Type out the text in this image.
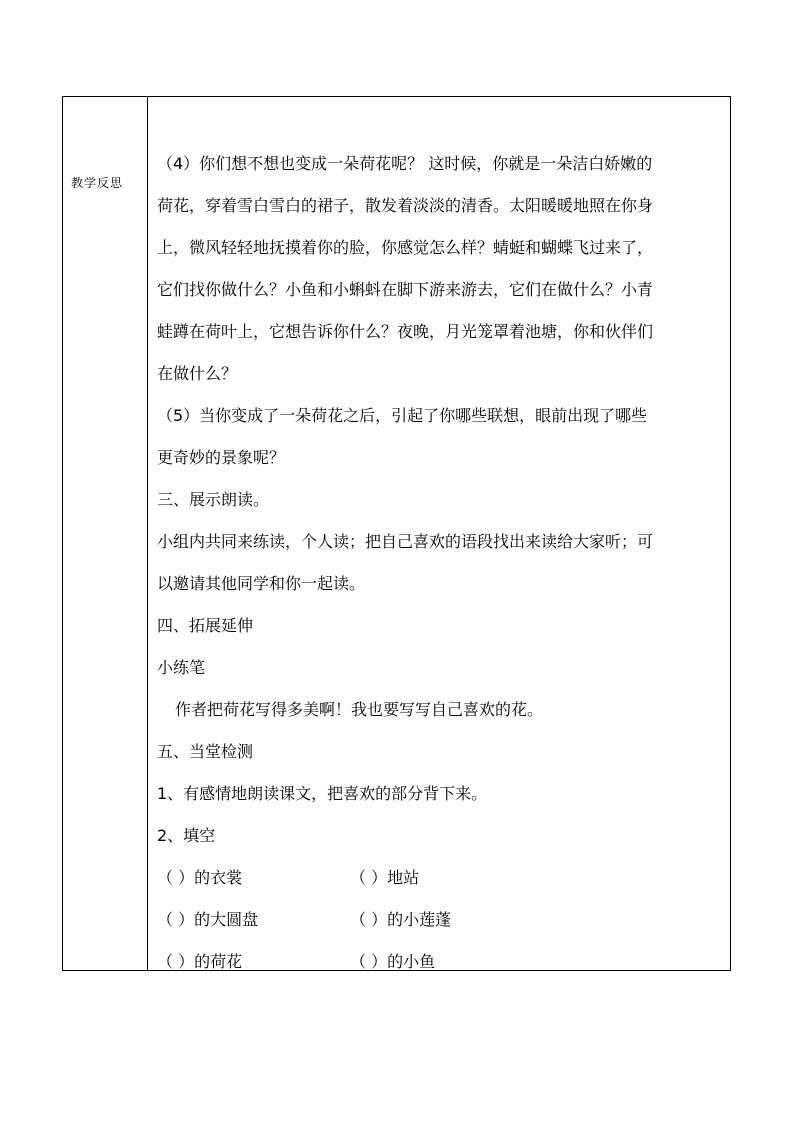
教学反思
（4）你们想不想也变成一朵荷花呢？ 这时候，你就是一朵洁白娇嫩的
荷花，穿着雪白雪白的裙子，散发着淡淡的清香。太阳暖暖地照在你身
上，微风轻轻地抚摸着你的脸，你感觉怎么样？蜻蜓和蝴蝶飞过来了，
它们找你做什么？小鱼和小蝌蚪在脚下游来游去，它们在做什么？小青
蛙蹲在荷叶上，它想告诉你什么？夜晚，月光笼罩着池塘，你和伙伴们
在做什么？
（5）当你变成了一朵荷花之后，引起了你哪些联想，眼前出现了哪些
更奇妙的景象呢？
三、展示朗读。
小组内共同来练读，个人读；把自己喜欢的语段找出来读给大家听；可
以邀请其他同学和你一起读。
四、拓展延伸
小练笔
作者把荷花写得多美啊！我也要写写自己喜欢的花。
五、当堂检测
1、有感情地朗读课文，把喜欢的部分背下来。
2、填空
（ ）的衣裳	（ ）地站
（ ）的大圆盘	（ ）的小莲蓬
（ ）的荷花	（ ）的小鱼
